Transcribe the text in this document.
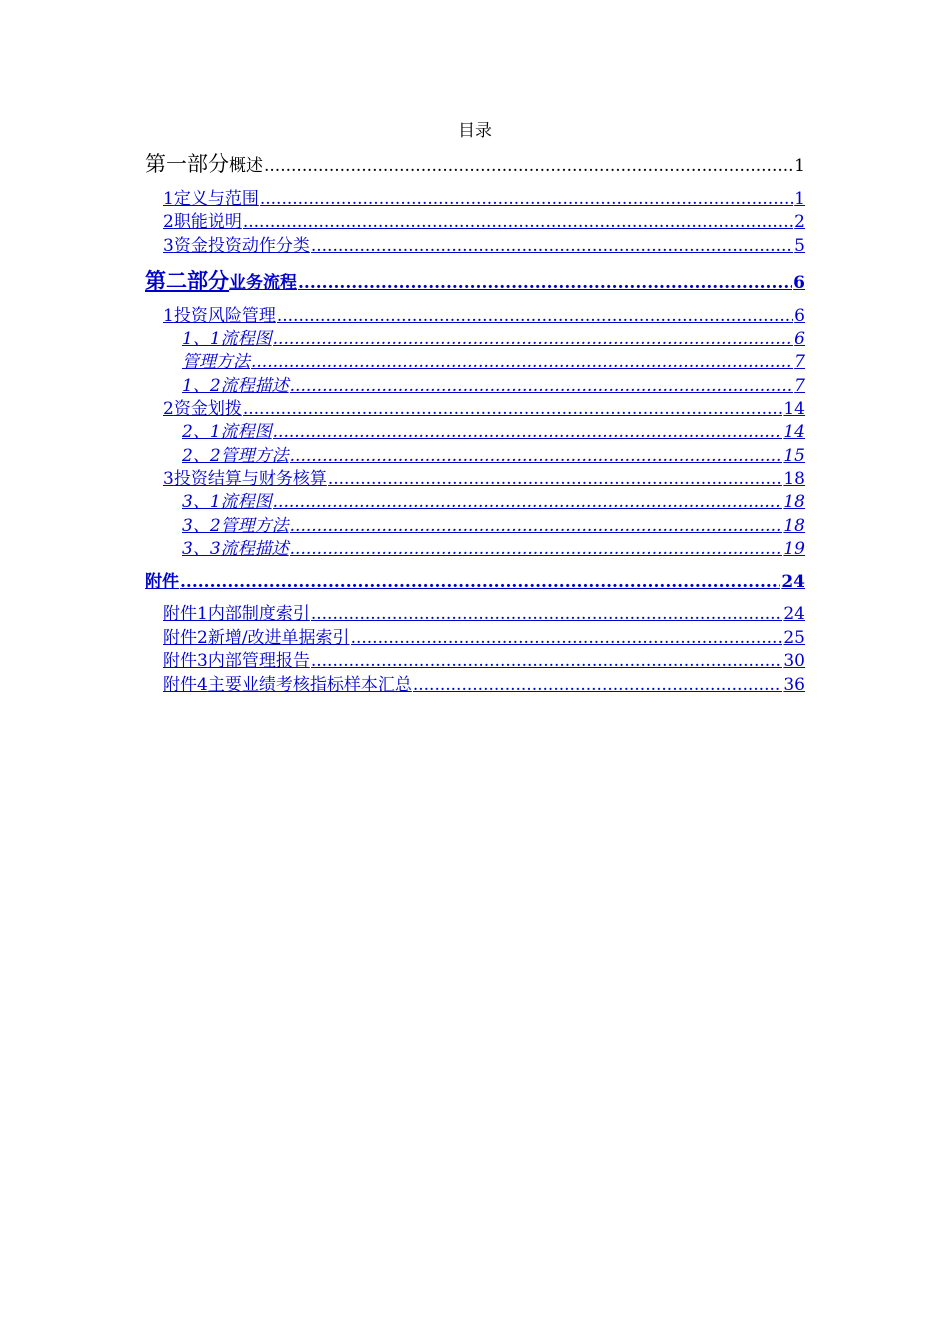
目录
第一部分 概述 .....	1
1 定义与范围 .....	1
2 职能说明 .....	2
3 资金投资动作分类 .....	5
第二部分 业务流程 .....	6
1 投资风险管理 .....	6
1、1 流程图 .....	6
管理方法 .....	7
1、2 流程描述 .....	7
2 资金划拨 .....	14
2、1 流程图 .....	14
2、2 管理方法 .....	15
3 投资结算与财务核算 .....	18
3、1 流程图 .....	18
3、2 管理方法 .....	18
3、3 流程描述 .....	19
附件 .....	24
附件1 内部制度索引 .....	24
附件2 新增/改进单据索引 .....	25
附件3 内部管理报告 .....	30
附件4 主要业绩考核指标样本汇总 .....	36
